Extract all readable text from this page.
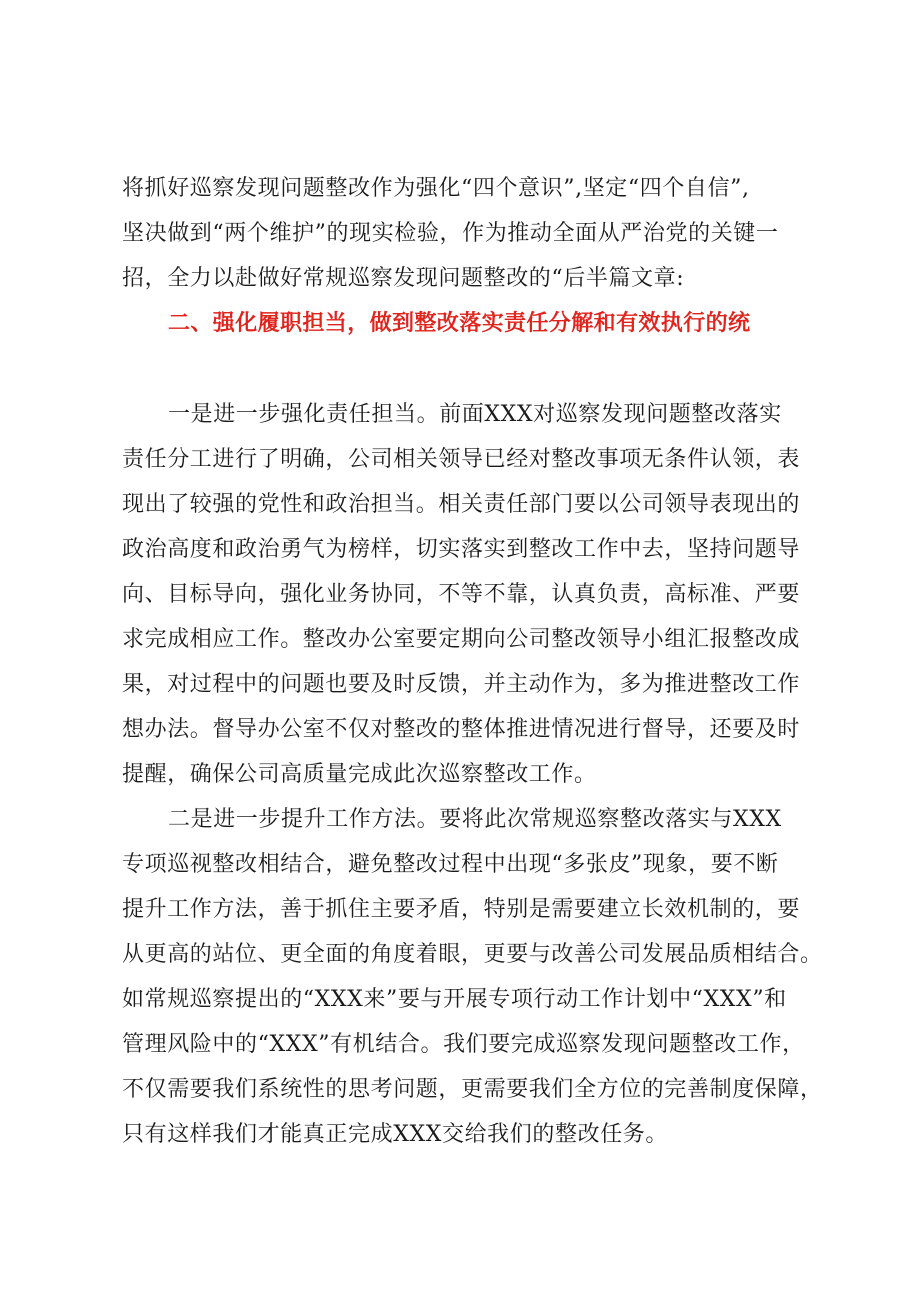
将抓好巡察发现问题整改作为强化“四个意识”,坚定“四个自信”,
坚决做到“两个维护”的现实检验，作为推动全面从严治党的关键一
招，全力以赴做好常规巡察发现问题整改的“后半篇文章:
二、强化履职担当，做到整改落实责任分解和有效执行的统
一是进一步强化责任担当。前面XXX对巡察发现问题整改落实
责任分工进行了明确，公司相关领导已经对整改事项无条件认领，表
现出了较强的党性和政治担当。相关责任部门要以公司领导表现出的
政治高度和政治勇气为榜样，切实落实到整改工作中去，坚持问题导
向、目标导向，强化业务协同，不等不靠，认真负责，高标准、严要
求完成相应工作。整改办公室要定期向公司整改领导小组汇报整改成
果，对过程中的问题也要及时反馈，并主动作为，多为推进整改工作
想办法。督导办公室不仅对整改的整体推进情况进行督导，还要及时
提醒，确保公司高质量完成此次巡察整改工作。
二是进一步提升工作方法。要将此次常规巡察整改落实与XXX
专项巡视整改相结合，避免整改过程中出现“多张皮”现象，要不断
提升工作方法，善于抓住主要矛盾，特别是需要建立长效机制的，要
从更高的站位、更全面的角度着眼，更要与改善公司发展品质相结合。
如常规巡察提出的“XXX来”要与开展专项行动工作计划中“XXX”和
管理风险中的“XXX”有机结合。我们要完成巡察发现问题整改工作，
不仅需要我们系统性的思考问题，更需要我们全方位的完善制度保障，
只有这样我们才能真正完成XXX交给我们的整改任务。
